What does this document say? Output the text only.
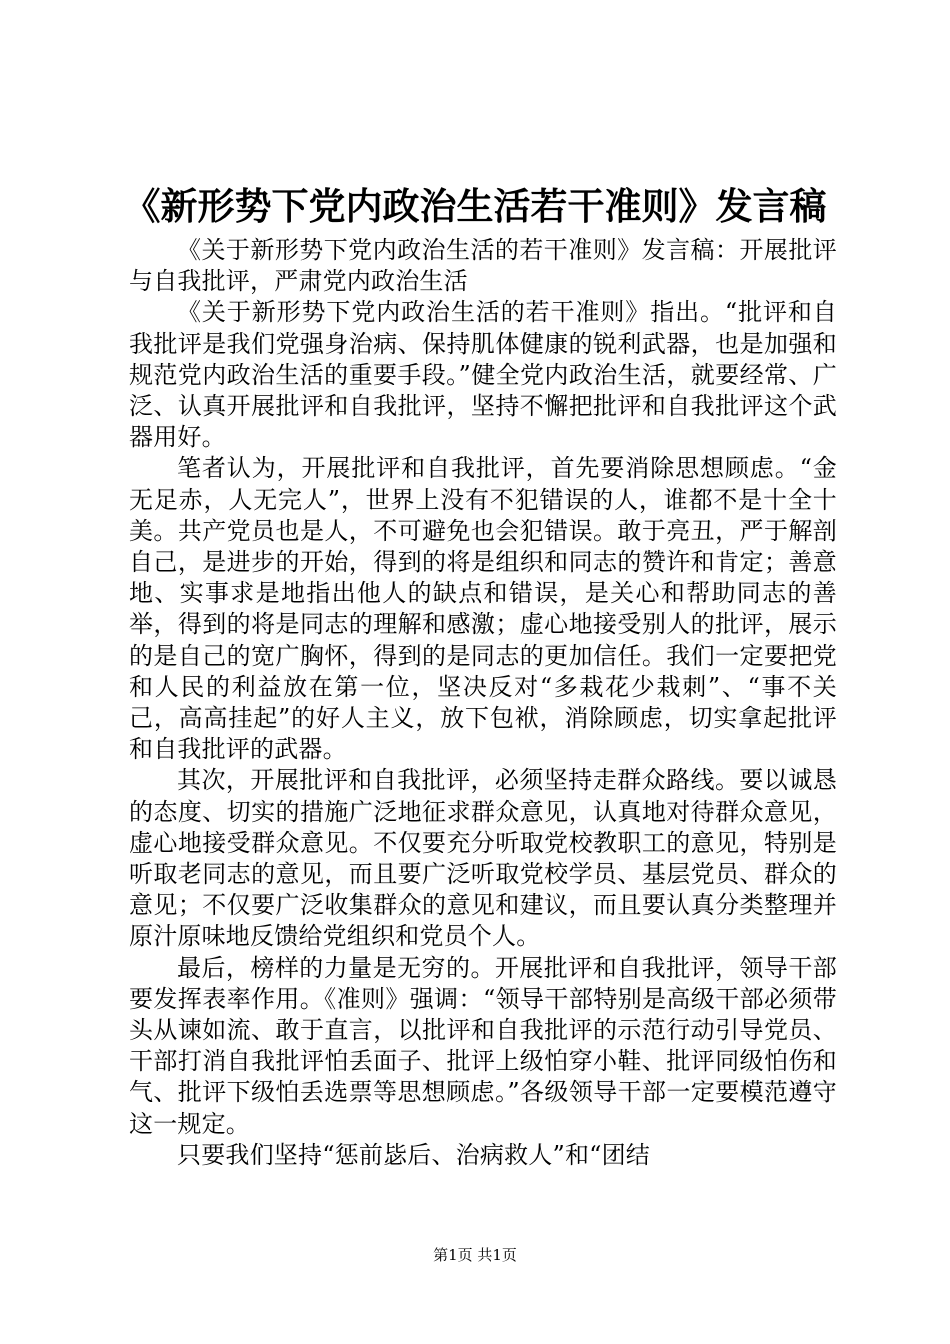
《新形势下党内政治生活若干准则》发言稿

《关于新形势下党内政治生活的若干准则》发言稿：开展批评与自我批评，严肃党内政治生活

《关于新形势下党内政治生活的若干准则》指出。“批评和自我批评是我们党强身治病、保持肌体健康的锐利武器，也是加强和规范党内政治生活的重要手段。”健全党内政治生活，就要经常、广泛、认真开展批评和自我批评，坚持不懈把批评和自我批评这个武器用好。

笔者认为，开展批评和自我批评，首先要消除思想顾虑。“金无足赤，人无完人”，世界上没有不犯错误的人，谁都不是十全十美。共产党员也是人，不可避免也会犯错误。敢于亮丑，严于解剖自己，是进步的开始，得到的将是组织和同志的赞许和肯定；善意地、实事求是地指出他人的缺点和错误，是关心和帮助同志的善举，得到的将是同志的理解和感激；虚心地接受别人的批评，展示的是自己的宽广胸怀，得到的是同志的更加信任。我们一定要把党和人民的利益放在第一位，坚决反对“多栽花少栽刺”、“事不关己，高高挂起”的好人主义，放下包袱，消除顾虑，切实拿起批评和自我批评的武器。

其次，开展批评和自我批评，必须坚持走群众路线。要以诚恳的态度、切实的措施广泛地征求群众意见，认真地对待群众意见，虚心地接受群众意见。不仅要充分听取党校教职工的意见，特别是听取老同志的意见，而且要广泛听取党校学员、基层党员、群众的意见；不仅要广泛收集群众的意见和建议，而且要认真分类整理并原汁原味地反馈给党组织和党员个人。

最后，榜样的力量是无穷的。开展批评和自我批评，领导干部要发挥表率作用。《准则》强调：“领导干部特别是高级干部必须带头从谏如流、敢于直言，以批评和自我批评的示范行动引导党员、干部打消自我批评怕丢面子、批评上级怕穿小鞋、批评同级怕伤和气、批评下级怕丢选票等思想顾虑。”各级领导干部一定要模范遵守这一规定。

只要我们坚持“惩前毖后、治病救人”和“团结

第1页 共1页
